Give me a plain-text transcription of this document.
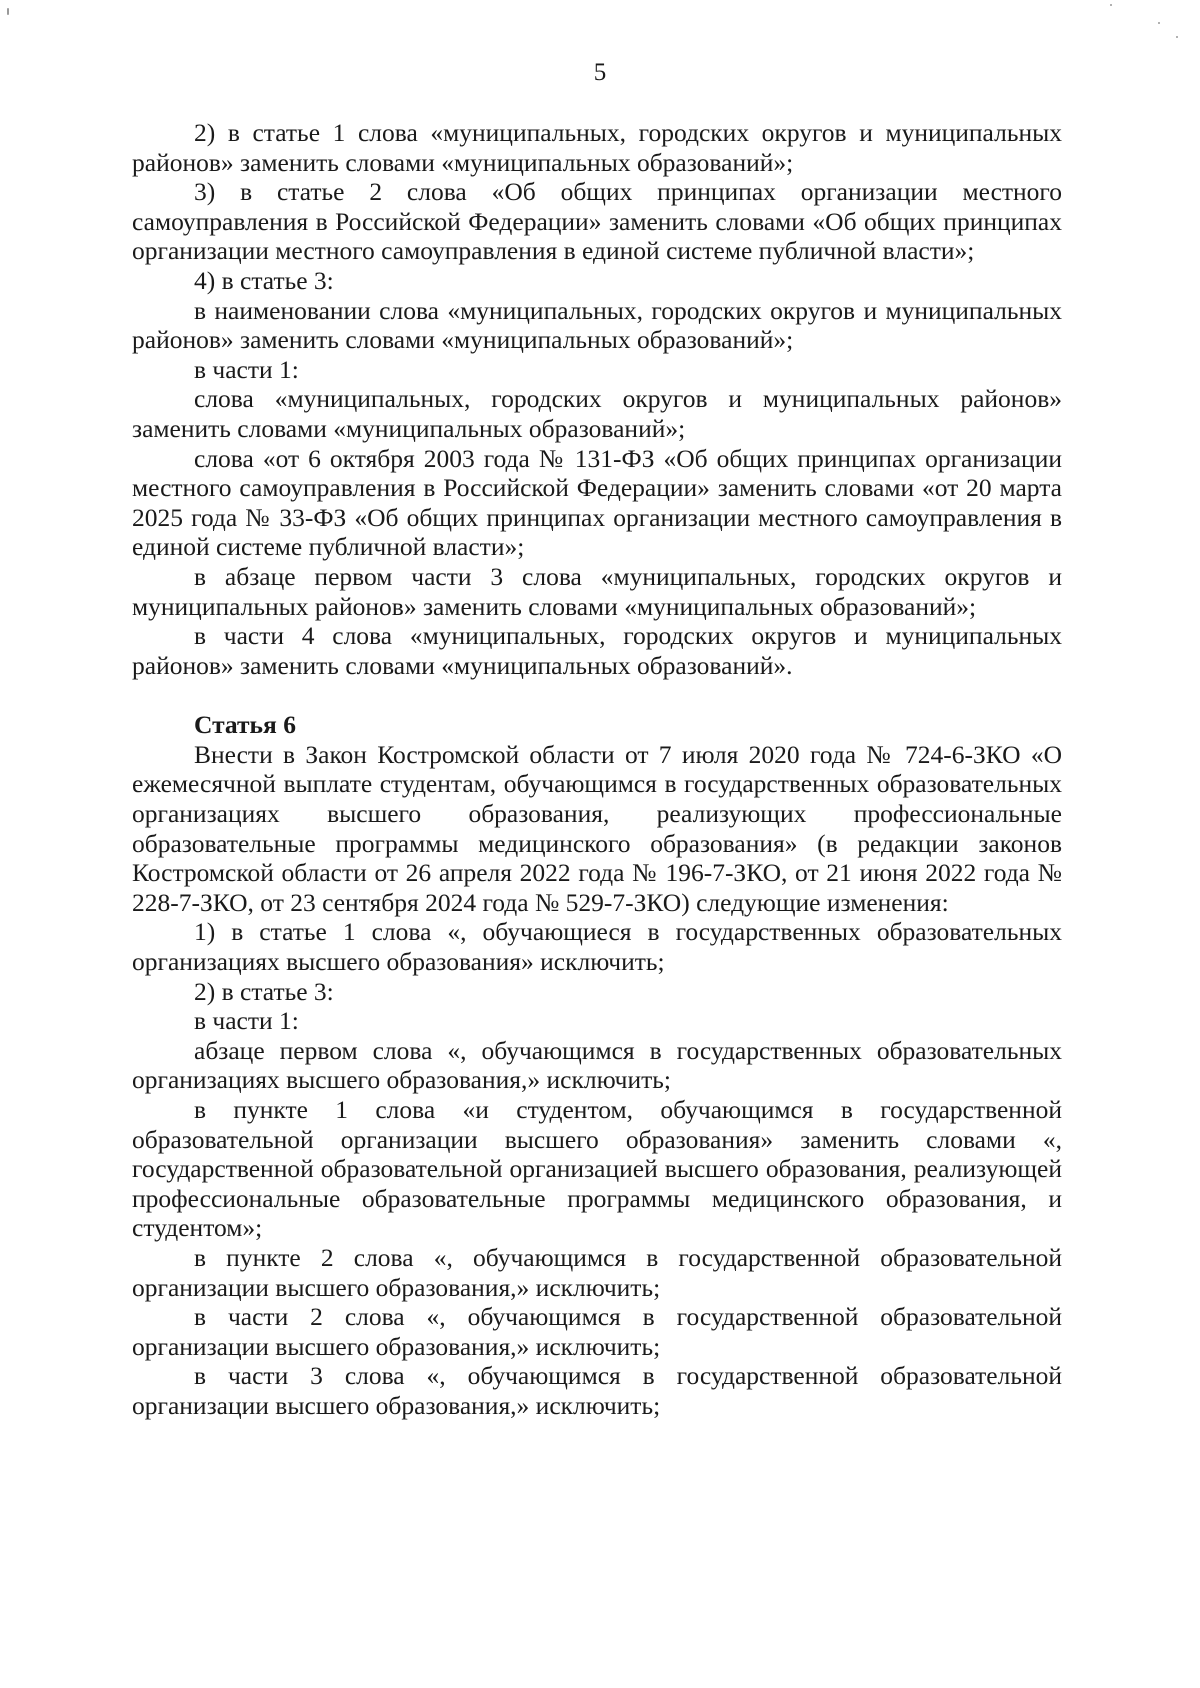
5

2) в статье 1 слова «муниципальных, городских округов и муниципальных районов» заменить словами «муниципальных образований»;

3) в статье 2 слова «Об общих принципах организации местного самоуправления в Российской Федерации» заменить словами «Об общих принципах организации местного самоуправления в единой системе публичной власти»;

4) в статье 3:

в наименовании слова «муниципальных, городских округов и муниципальных районов» заменить словами «муниципальных образований»;

в части 1:

слова «муниципальных, городских округов и муниципальных районов» заменить словами «муниципальных образований»;

слова «от 6 октября 2003 года № 131-ФЗ «Об общих принципах организации местного самоуправления в Российской Федерации» заменить словами «от 20 марта 2025 года № 33-ФЗ «Об общих принципах организации местного самоуправления в единой системе публичной власти»;

в абзаце первом части 3 слова «муниципальных, городских округов и муниципальных районов» заменить словами «муниципальных образований»;

в части 4 слова «муниципальных, городских округов и муниципальных районов» заменить словами «муниципальных образований».

Статья 6

Внести в Закон Костромской области от 7 июля 2020 года № 724-6-ЗКО «О ежемесячной выплате студентам, обучающимся в государственных образовательных организациях высшего образования, реализующих профессиональные образовательные программы медицинского образования» (в редакции законов Костромской области от 26 апреля 2022 года № 196-7-ЗКО, от 21 июня 2022 года № 228-7-ЗКО, от 23 сентября 2024 года № 529-7-ЗКО) следующие изменения:

1) в статье 1 слова «, обучающиеся в государственных образовательных организациях высшего образования» исключить;

2) в статье 3:

в части 1:

абзаце первом слова «, обучающимся в государственных образовательных организациях высшего образования,» исключить;

в пункте 1 слова «и студентом, обучающимся в государственной образовательной организации высшего образования» заменить словами «, государственной образовательной организацией высшего образования, реализующей профессиональные образовательные программы медицинского образования, и студентом»;

в пункте 2 слова «, обучающимся в государственной образовательной организации высшего образования,» исключить;

в части 2 слова «, обучающимся в государственной образовательной организации высшего образования,» исключить;

в части 3 слова «, обучающимся в государственной образовательной организации высшего образования,» исключить;
